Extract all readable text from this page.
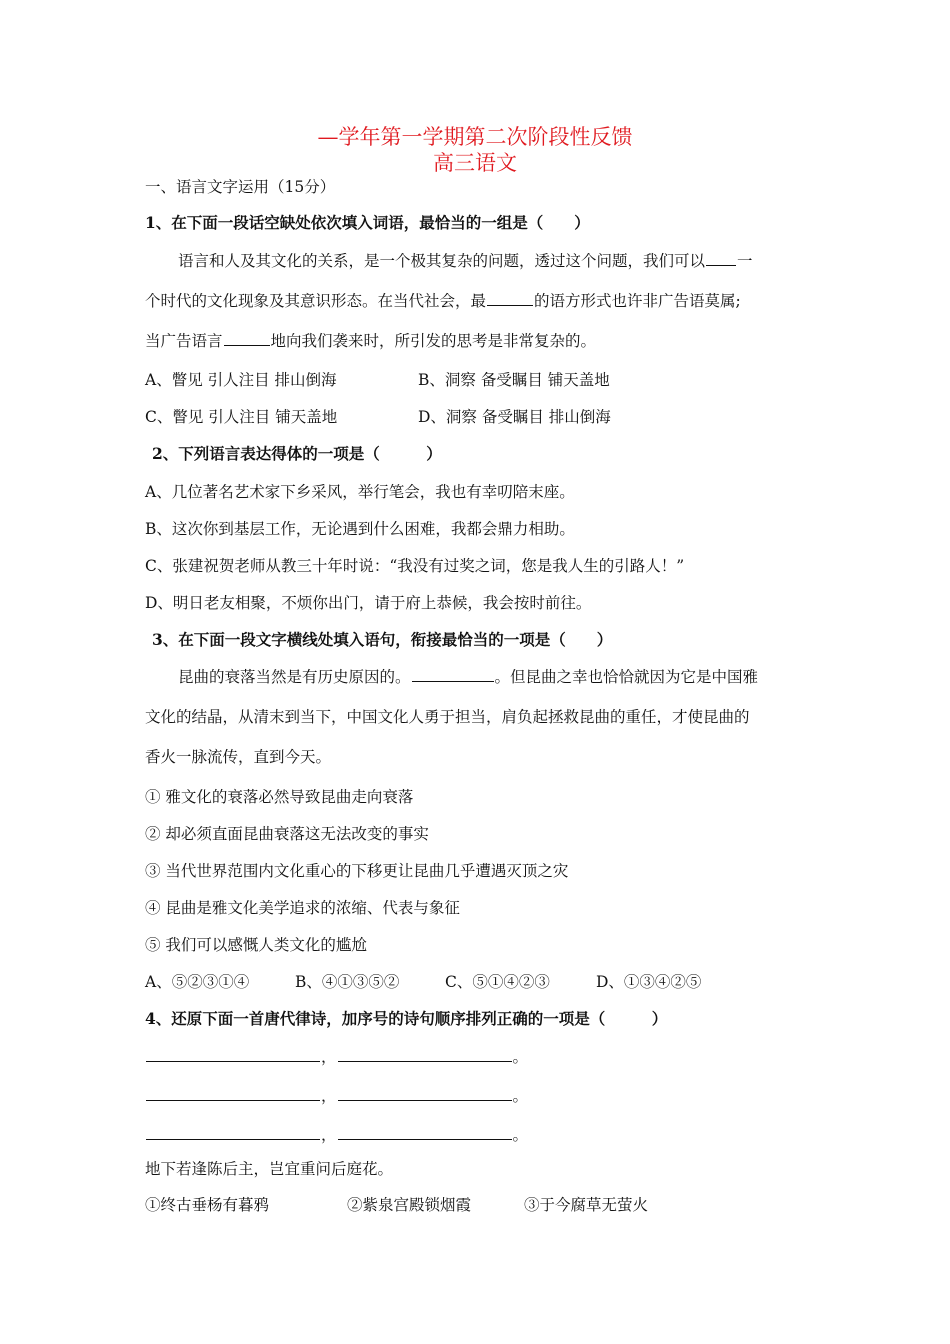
—学年第一学期第二次阶段性反馈
高三语文
一、语言文字运用（15分）
1、在下面一段话空缺处依次填入词语，最恰当的一组是（　　）
语言和人及其文化的关系，是一个极其复杂的问题，透过这个问题，我们可以 一
个时代的文化现象及其意识形态。在当代社会，最	的语方形式也许非广告语莫属;
当广告语言	地向我们袭来时，所引发的思考是非常复杂的。
A、瞥见 引人注目 排山倒海	B、洞察 备受瞩目 铺天盖地
C、瞥见 引人注目 铺天盖地	D、洞察 备受瞩目 排山倒海
2、下列语言表达得体的一项是（　　　）
A、几位著名艺术家下乡采风，举行笔会，我也有幸叨陪末座。
B、这次你到基层工作，无论遇到什么困难，我都会鼎力相助。
C、张建祝贺老师从教三十年时说：“我没有过奖之词，您是我人生的引路人！”
D、明日老友相聚，不烦你出门，请于府上恭候，我会按时前往。
3、在下面一段文字横线处填入语句，衔接最恰当的一项是（　　）
昆曲的衰落当然是有历史原因的。	。但昆曲之幸也恰恰就因为它是中国雅
文化的结晶，从清末到当下，中国文化人勇于担当，肩负起拯救昆曲的重任，才使昆曲的
香火一脉流传，直到今天。
① 雅文化的衰落必然导致昆曲走向衰落
② 却必须直面昆曲衰落这无法改变的事实
③ 当代世界范围内文化重心的下移更让昆曲几乎遭遇灭顶之灾
④ 昆曲是雅文化美学追求的浓缩、代表与象征
⑤ 我们可以感慨人类文化的尴尬
A、⑤②③①④	B、④①③⑤②	C、⑤①④②③	D、①③④②⑤
4、还原下面一首唐代律诗，加序号的诗句顺序排列正确的一项是（　　　）
，	。
，	。
，	。
地下若逢陈后主，岂宜重问后庭花。
①终古垂杨有暮鸦	②紫泉宫殿锁烟霞	③于今腐草无萤火
